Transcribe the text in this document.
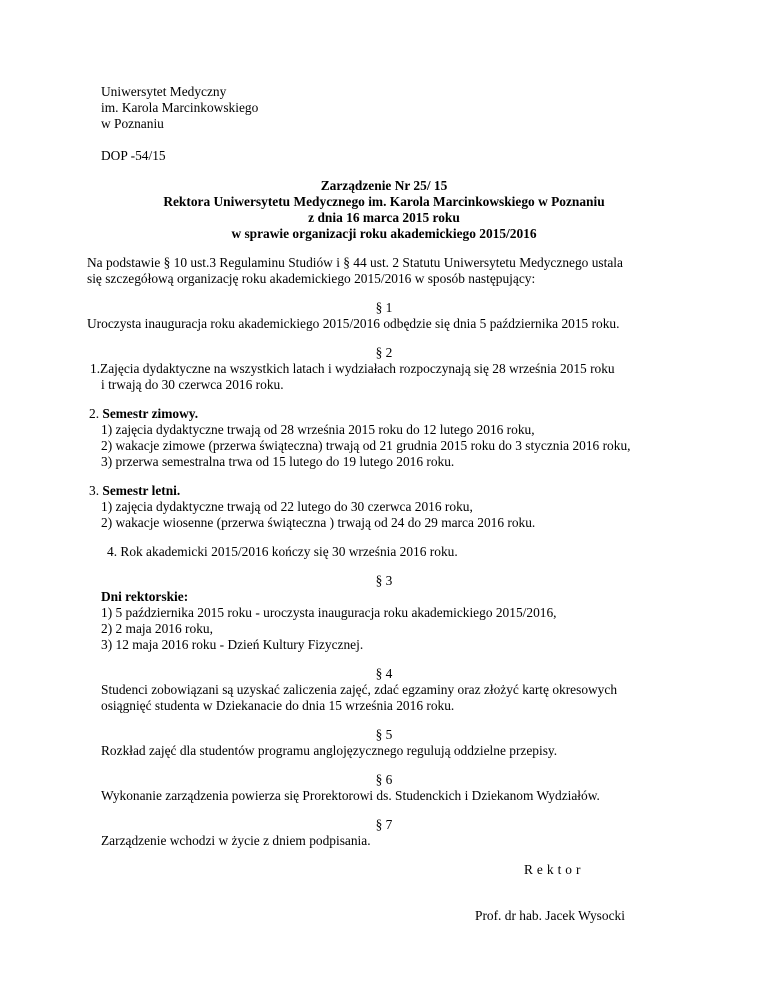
Uniwersytet Medyczny
im. Karola Marcinkowskiego
w Poznaniu
DOP -54/15
Zarządzenie Nr 25/ 15
Rektora Uniwersytetu Medycznego im. Karola Marcinkowskiego w Poznaniu
z dnia 16 marca 2015 roku
w sprawie organizacji roku akademickiego 2015/2016
Na podstawie § 10 ust.3 Regulaminu Studiów i § 44 ust. 2 Statutu Uniwersytetu Medycznego ustala
się szczegółową organizację roku akademickiego 2015/2016 w sposób następujący:
§ 1
Uroczysta inauguracja roku akademickiego 2015/2016 odbędzie się dnia 5 października 2015 roku.
§ 2
1.Zajęcia dydaktyczne na wszystkich latach i wydziałach rozpoczynają się 28 września 2015 roku
i trwają do 30 czerwca 2016 roku.
2. Semestr zimowy.
1) zajęcia dydaktyczne trwają od 28 września 2015 roku do 12 lutego 2016 roku,
2) wakacje zimowe (przerwa świąteczna) trwają od 21 grudnia 2015 roku do 3 stycznia 2016 roku,
3) przerwa semestralna trwa od 15 lutego do 19 lutego 2016 roku.
3. Semestr letni.
1) zajęcia dydaktyczne trwają od 22 lutego do 30 czerwca 2016 roku,
2) wakacje wiosenne (przerwa świąteczna ) trwają od 24 do 29 marca 2016 roku.
4. Rok akademicki 2015/2016 kończy się 30 września 2016 roku.
§ 3
Dni rektorskie:
1) 5 października 2015 roku - uroczysta inauguracja roku akademickiego 2015/2016,
2) 2 maja 2016 roku,
3) 12 maja 2016 roku - Dzień Kultury Fizycznej.
§ 4
Studenci zobowiązani są uzyskać zaliczenia zajęć, zdać egzaminy oraz złożyć kartę okresowych
osiągnięć studenta w Dziekanacie do dnia 15 września 2016 roku.
§ 5
Rozkład zajęć dla studentów programu anglojęzycznego regulują oddzielne przepisy.
§ 6
Wykonanie zarządzenia powierza się Prorektorowi ds. Studenckich i Dziekanom Wydziałów.
§ 7
Zarządzenie wchodzi w życie z dniem podpisania.
Rektor
Prof. dr hab. Jacek Wysocki
